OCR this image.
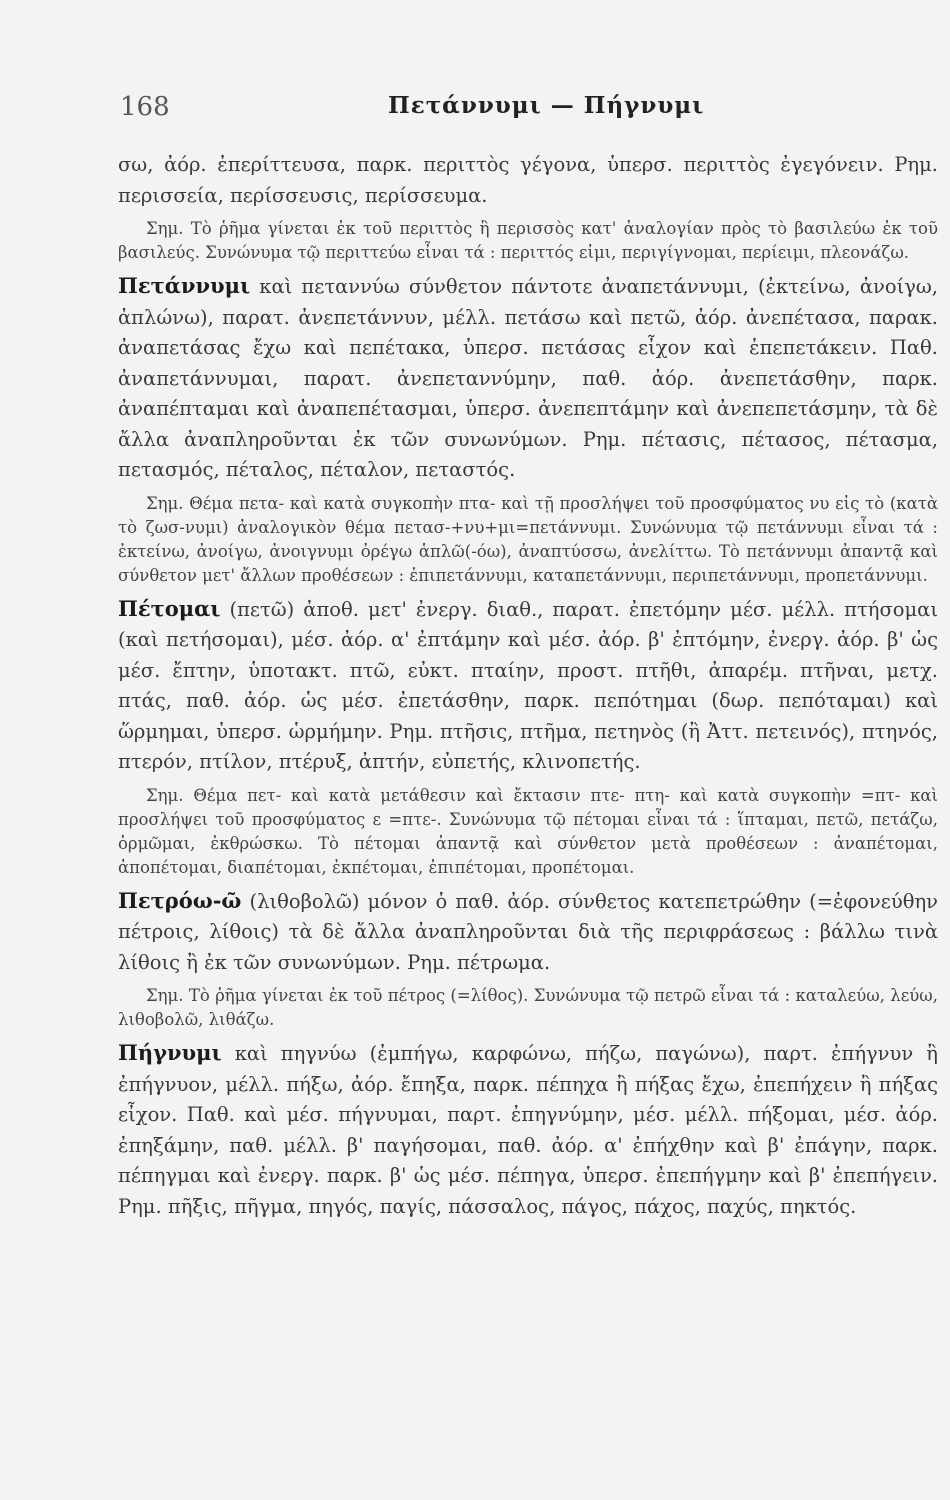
168	Πετάννυμι — Πήγνυμι

σω, ἀόρ. ἐπερίττευσα, παρκ. περιττὸς γέγονα, ὑπερσ. περιττὸς ἐγεγόνειν. Ρημ. περισσεία, περίσσευσις, περίσσευμα.

Σημ. Τὸ ῥῆμα γίνεται ἐκ τοῦ περιττὸς ἢ περισσὸς κατ' ἀναλογίαν πρὸς τὸ βασιλεύω ἐκ τοῦ βασιλεύς. Συνώνυμα τῷ περιττεύω εἶναι τά : περιττός εἰμι, περιγίγνομαι, περίειμι, πλεονάζω.

Πετάννυμι καὶ πεταννύω σύνθετον πάντοτε ἀναπετάννυμι, (ἐκτείνω, ἀνοίγω, ἁπλώνω), παρατ. ἀνεπετάννυν, μέλλ. πετάσω καὶ πετῶ, ἀόρ. ἀνεπέτασα, παρακ. ἀναπετάσας ἔχω καὶ πεπέτακα, ὑπερσ. πετάσας εἶχον καὶ ἐπεπετάκειν. Παθ. ἀναπετάννυμαι, παρατ. ἀνεπεταννύμην, παθ. ἀόρ. ἀνεπετάσθην, παρκ. ἀναπέπταμαι καὶ ἀναπεπέτασμαι, ὑπερσ. ἀνεπεπτάμην καὶ ἀνεπεπετάσμην, τὰ δὲ ἄλλα ἀναπληροῦνται ἐκ τῶν συνωνύμων. Ρημ. πέτασις, πέτασος, πέτασμα, πετασμός, πέταλος, πέταλον, πεταστός.

Σημ. Θέμα πετα- καὶ κατὰ συγκοπὴν πτα- καὶ τῇ προσλήψει τοῦ προσφύματος νυ εἰς τὸ (κατὰ τὸ ζωσ-νυμι) ἀναλογικὸν θέμα πετασ-+νυ+μι=πετάννυμι. Συνώνυμα τῷ πετάννυμι εἶναι τά : ἐκτείνω, ἀνοίγω, ἀνοιγνυμι ὀρέγω ἁπλῶ(-όω), ἀναπτύσσω, ἀνελίττω. Τὸ πετάννυμι ἀπαντᾷ καὶ σύνθετον μετ' ἄλλων προθέσεων : ἐπιπετάννυμι, καταπετάννυμι, περιπετάννυμι, προπετάννυμι.

Πέτομαι (πετῶ) ἀποθ. μετ' ἐνεργ. διαθ., παρατ. ἐπετόμην μέσ. μέλλ. πτήσομαι (καὶ πετήσομαι), μέσ. ἀόρ. α' ἐπτάμην καὶ μέσ. ἀόρ. β' ἐπτόμην, ἐνεργ. ἀόρ. β' ὡς μέσ. ἔπτην, ὑποτακτ. πτῶ, εὐκτ. πταίην, προστ. πτῆθι, ἀπαρέμ. πτῆναι, μετχ. πτάς, παθ. ἀόρ. ὡς μέσ. ἐπετάσθην, παρκ. πεπότημαι (δωρ. πεπόταμαι) καὶ ὥρμημαι, ὑπερσ. ὡρμήμην. Ρημ. πτῆσις, πτῆμα, πετηνὸς (ἢ Ἀττ. πετεινός), πτηνός, πτερόν, πτίλον, πτέρυξ, ἀπτήν, εὐπετής, κλινοπετής.

Σημ. Θέμα πετ- καὶ κατὰ μετάθεσιν καὶ ἔκτασιν πτε- πτη- καὶ κατὰ συγκοπὴν =πτ- καὶ προσλήψει τοῦ προσφύματος ε =πτε-. Συνώνυμα τῷ πέτομαι εἶναι τά : ἵπταμαι, πετῶ, πετάζω, ὁρμῶμαι, ἐκθρώσκω. Τὸ πέτομαι ἀπαντᾷ καὶ σύνθετον μετὰ προθέσεων : ἀναπέτομαι, ἀποπέτομαι, διαπέτομαι, ἐκπέτομαι, ἐπιπέτομαι, προπέτομαι.

Πετρόω-ῶ (λιθοβολῶ) μόνον ὁ παθ. ἀόρ. σύνθετος κατεπετρώθην (=ἐφονεύθην πέτροις, λίθοις) τὰ δὲ ἄλλα ἀναπληροῦνται διὰ τῆς περιφράσεως : βάλλω τινὰ λίθοις ἢ ἐκ τῶν συνωνύμων. Ρημ. πέτρωμα.

Σημ. Τὸ ῥῆμα γίνεται ἐκ τοῦ πέτρος (=λίθος). Συνώνυμα τῷ πετρῶ εἶναι τά : καταλεύω, λεύω, λιθοβολῶ, λιθάζω.

Πήγνυμι καὶ πηγνύω (ἐμπήγω, καρφώνω, πήζω, παγώνω), παρτ. ἐπήγνυν ἢ ἐπήγνυον, μέλλ. πήξω, ἀόρ. ἔπηξα, παρκ. πέπηχα ἢ πήξας ἔχω, ἐπεπήχειν ἢ πήξας εἶχον. Παθ. καὶ μέσ. πήγνυμαι, παρτ. ἐπηγνύμην, μέσ. μέλλ. πήξομαι, μέσ. ἀόρ. ἐπηξάμην, παθ. μέλλ. β' παγήσομαι, παθ. ἀόρ. α' ἐπήχθην καὶ β' ἐπάγην, παρκ. πέπηγμαι καὶ ἐνεργ. παρκ. β' ὡς μέσ. πέπηγα, ὑπερσ. ἐπεπήγμην καὶ β' ἐπεπήγειν. Ρημ. πῆξις, πῆγμα, πηγός, παγίς, πάσσαλος, πάγος, πάχος, παχύς, πηκτός.
